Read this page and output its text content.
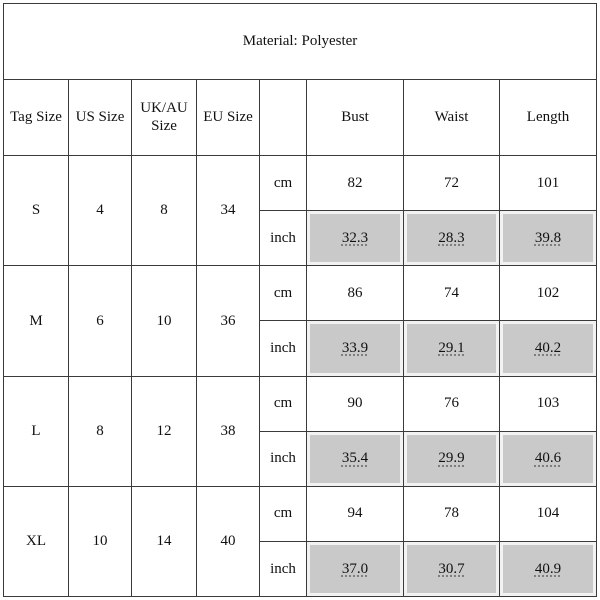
Material: Polyester							
Tag Size	US Size	UK/AU Size	EU Size		Bust	Waist	Length
S	4	8	34	cm	82	72	101
				inch	32.3	28.3	39.8
M	6	10	36	cm	86	74	102
				inch	33.9	29.1	40.2
L	8	12	38	cm	90	76	103
				inch	35.4	29.9	40.6
XL	10	14	40	cm	94	78	104
				inch	37.0	30.7	40.9
